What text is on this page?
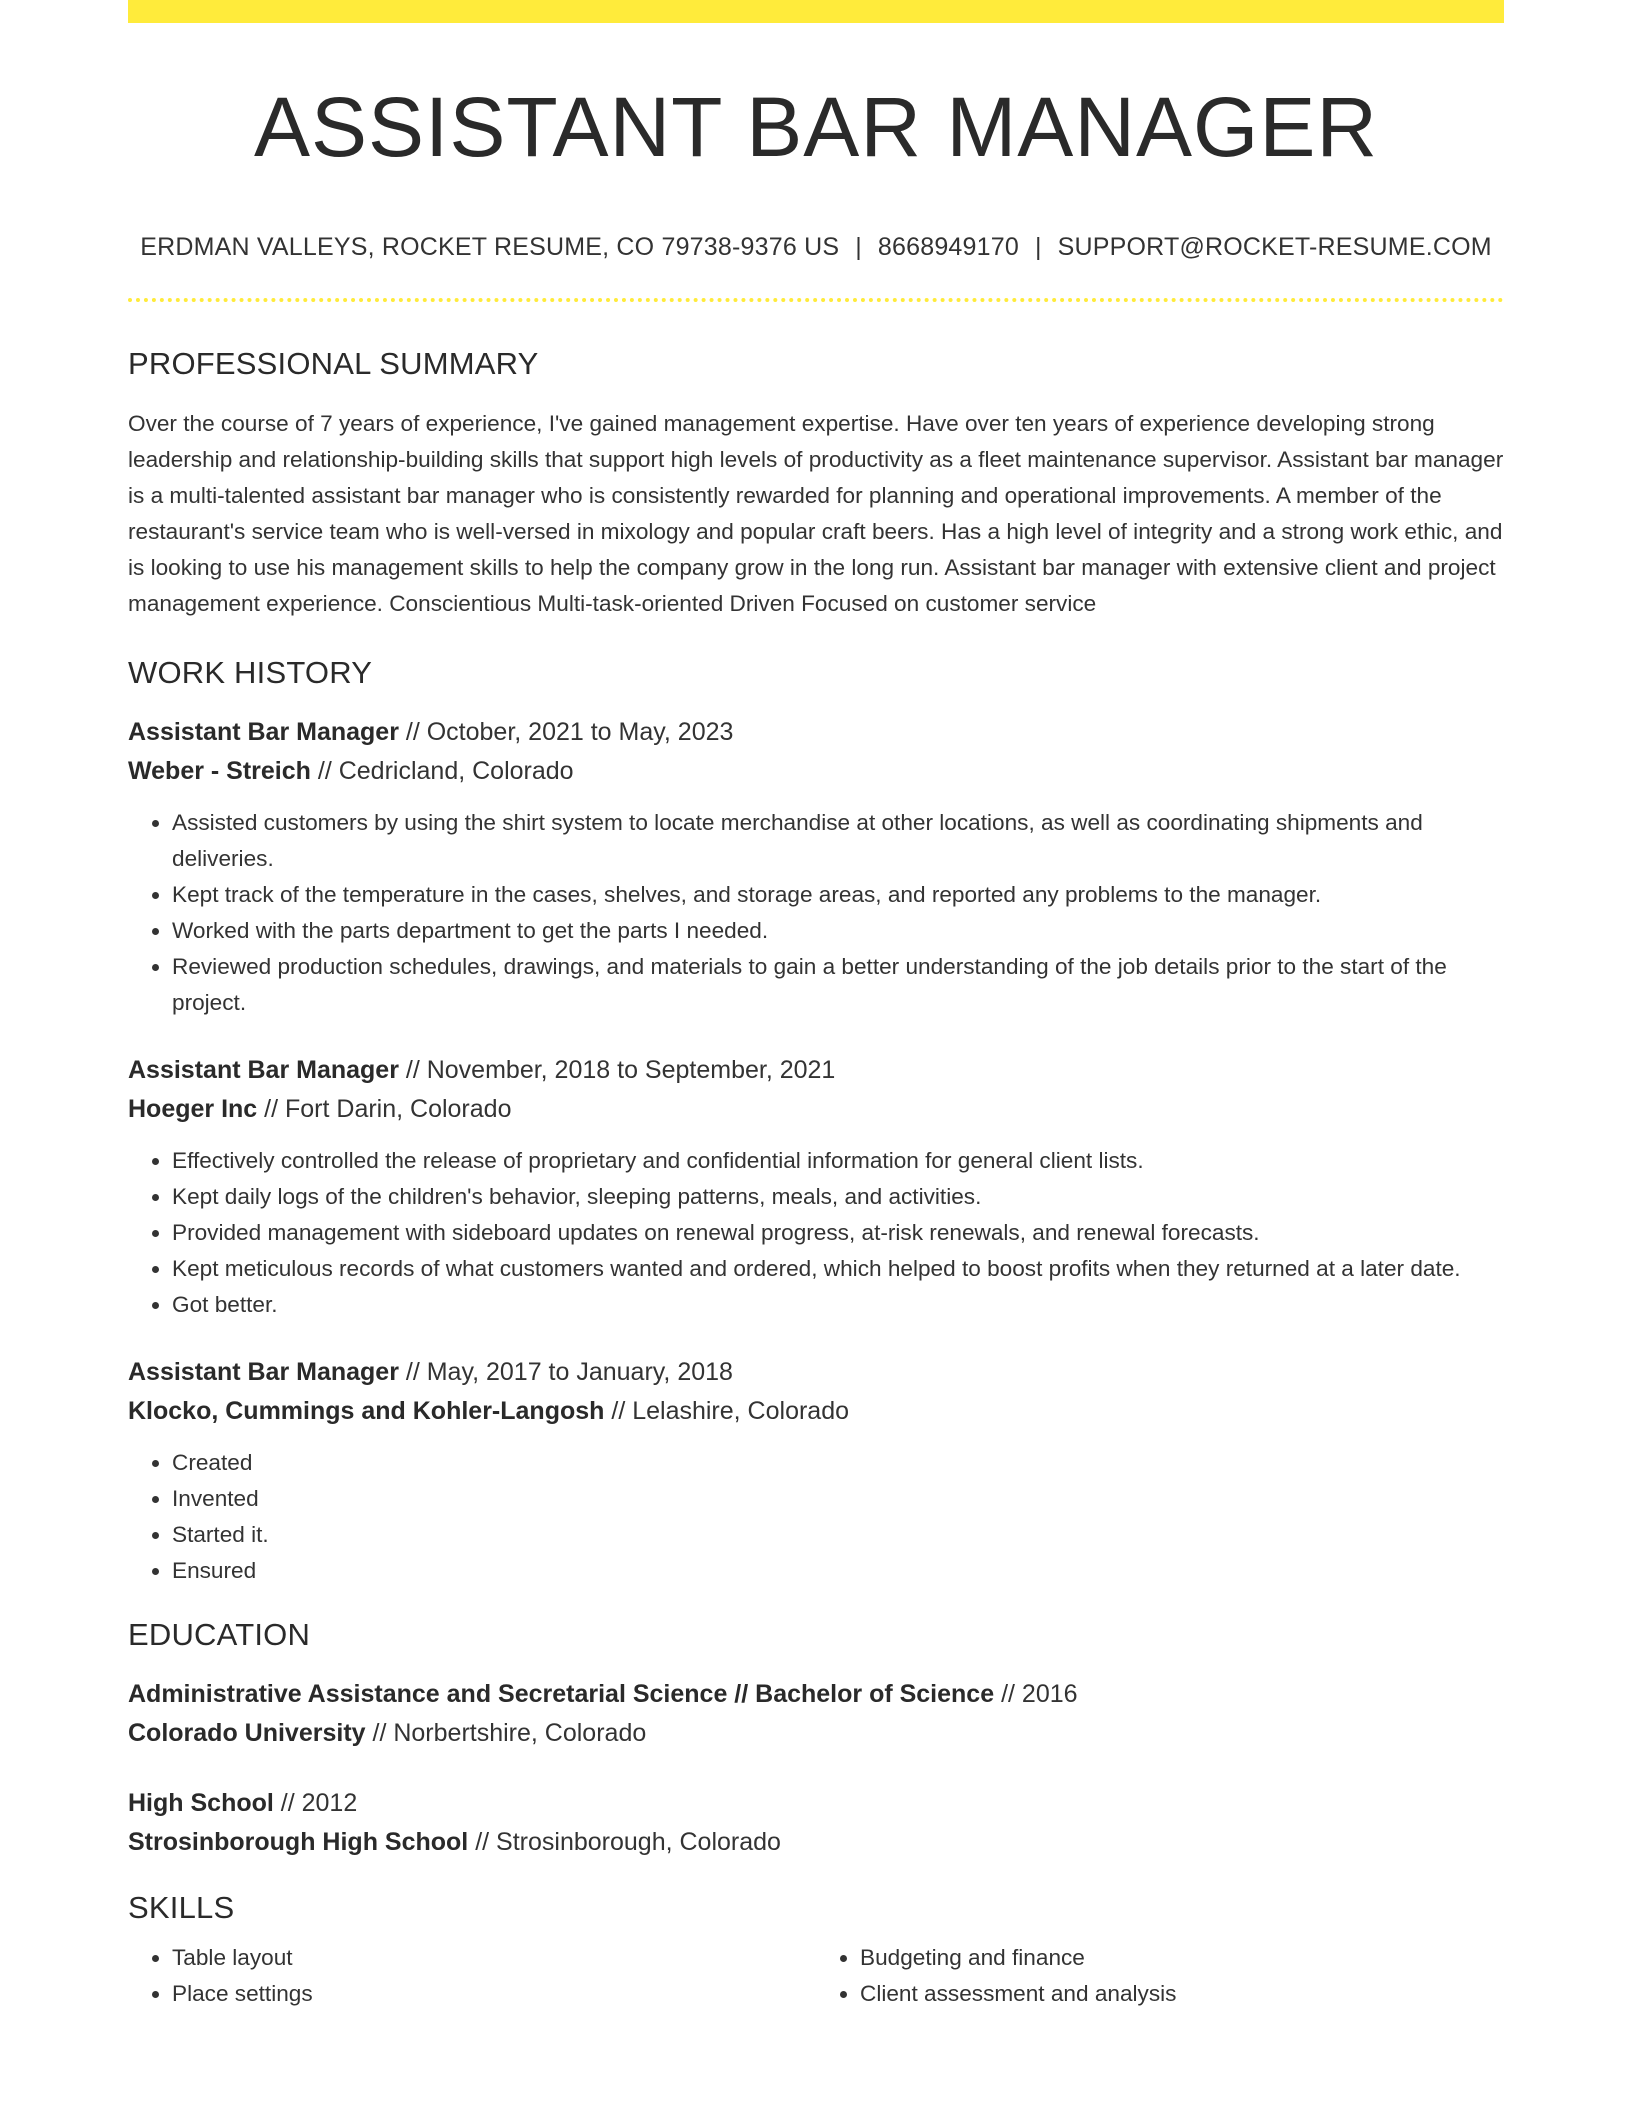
ASSISTANT BAR MANAGER
ERDMAN VALLEYS, ROCKET RESUME, CO 79738-9376 US | 8668949170 | SUPPORT@ROCKET-RESUME.COM
PROFESSIONAL SUMMARY
Over the course of 7 years of experience, I've gained management expertise. Have over ten years of experience developing strong leadership and relationship-building skills that support high levels of productivity as a fleet maintenance supervisor. Assistant bar manager is a multi-talented assistant bar manager who is consistently rewarded for planning and operational improvements. A member of the restaurant's service team who is well-versed in mixology and popular craft beers. Has a high level of integrity and a strong work ethic, and is looking to use his management skills to help the company grow in the long run. Assistant bar manager with extensive client and project management experience. Conscientious Multi-task-oriented Driven Focused on customer service
WORK HISTORY
Assistant Bar Manager // October, 2021 to May, 2023
Weber - Streich // Cedricland, Colorado
• Assisted customers by using the shirt system to locate merchandise at other locations, as well as coordinating shipments and deliveries.
• Kept track of the temperature in the cases, shelves, and storage areas, and reported any problems to the manager.
• Worked with the parts department to get the parts I needed.
• Reviewed production schedules, drawings, and materials to gain a better understanding of the job details prior to the start of the project.
Assistant Bar Manager // November, 2018 to September, 2021
Hoeger Inc // Fort Darin, Colorado
• Effectively controlled the release of proprietary and confidential information for general client lists.
• Kept daily logs of the children's behavior, sleeping patterns, meals, and activities.
• Provided management with sideboard updates on renewal progress, at-risk renewals, and renewal forecasts.
• Kept meticulous records of what customers wanted and ordered, which helped to boost profits when they returned at a later date.
• Got better.
Assistant Bar Manager // May, 2017 to January, 2018
Klocko, Cummings and Kohler-Langosh // Lelashire, Colorado
• Created
• Invented
• Started it.
• Ensured
EDUCATION
Administrative Assistance and Secretarial Science // Bachelor of Science // 2016
Colorado University // Norbertshire, Colorado
High School // 2012
Strosinborough High School // Strosinborough, Colorado
SKILLS
• Table layout
• Place settings
• Budgeting and finance
• Client assessment and analysis
